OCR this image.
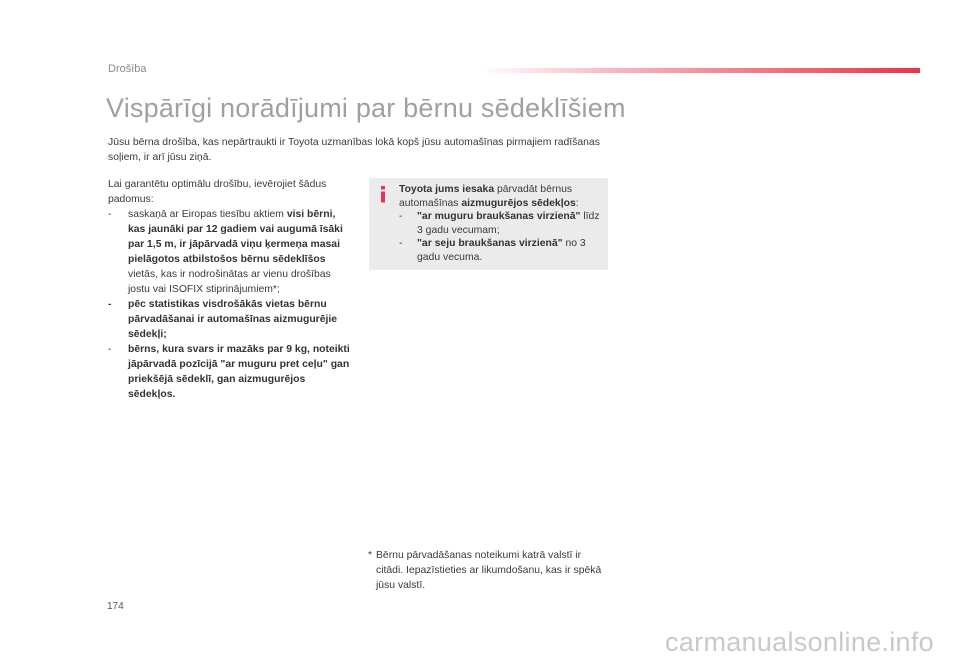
Drošība
Vispārīgi norādījumi par bērnu sēdeklīšiem

Jūsu bērna drošība, kas nepārtraukti ir Toyota uzmanības lokā kopš jūsu automašīnas pirmajiem radīšanas soļiem, ir arī jūsu ziņā.

Lai garantētu optimālu drošību, ievērojiet šādus padomus:

- saskaņā ar Eiropas tiesību aktiem visi bērni, kas jaunāki par 12 gadiem vai augumā īsāki par 1,5 m, ir jāpārvadā viņu ķermeņa masai pielāgotos atbilstošos bērnu sēdeklīšos vietās, kas ir nodrošinātas ar vienu drošības jostu vai ISOFIX stiprinājumiem*;
- pēc statistikas visdrošākās vietas bērnu pārvadāšanai ir automašīnas aizmugurējie sēdekļi;
- bērns, kura svars ir mazāks par 9 kg, noteikti jāpārvadā pozīcijā "ar muguru pret ceļu" gan priekšējā sēdeklī, gan aizmugurējos sēdekļos.
Toyota jums iesaka pārvadāt bērnus automašīnas aizmugurējos sēdekļos:
- "ar muguru braukšanas virzienā" līdz 3 gadu vecumam;
- "ar seju braukšanas virzienā" no 3 gadu vecuma.
* Bērnu pārvadāšanas noteikumi katrā valstī ir citādi. Iepazīstieties ar likumdošanu, kas ir spēkā jūsu valstī.
174
carmanualsonline.info
